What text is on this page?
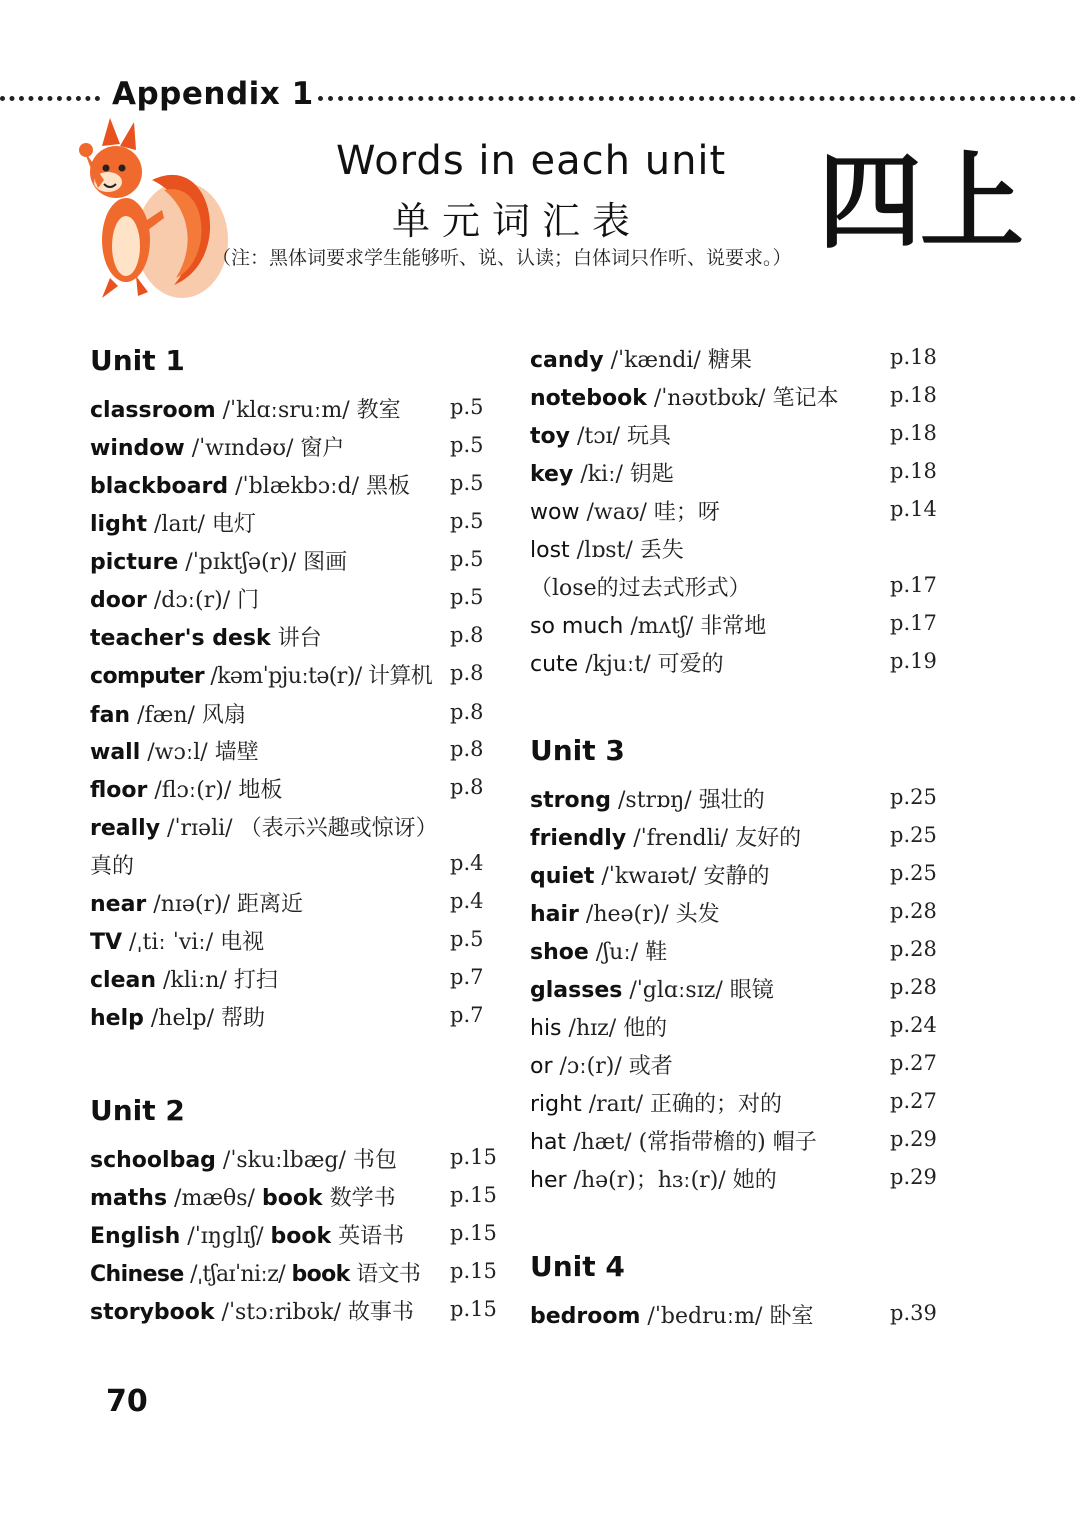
Appendix 1
Words in each unit
单元词汇表 四上
（注：黑体词要求学生能够听、说、认读；白体词只作听、说要求。）
Unit 1
classroom /ˈklɑːsruːm/ 教室 p.5
window /ˈwɪndəʊ/ 窗户	p.5
blackboard /ˈblækbɔːd/ 黑板 p.5
light /laɪt/ 电灯	p.5
picture /ˈpɪktʃə(r)/ 图画	p.5
door /dɔː(r)/ 门	p.5
teacher's desk 讲台	p.8
computer /kəmˈpjuːtə(r)/ 计算机 p.8
fan /fæn/ 风扇	p.8
wall /wɔːl/ 墙壁	p.8
floor /flɔː(r)/ 地板	p.8
really /ˈrɪəli/ （表示兴趣或惊讶）
真的	p.4
near /nɪə(r)/ 距离近	p.4
TV /ˌtiː ˈviː/ 电视	p.5
clean /kliːn/ 打扫	p.7
help /help/ 帮助	p.7
Unit 2
schoolbag /ˈskuːlbæg/ 书包	p.15
maths /mæθs/ book 数学书	p.15
English /ˈɪŋglɪʃ/ book 英语书 p.15
Chinese /ˌtʃaɪˈniːz/ book 语文书 p.15
storybook /ˈstɔːribʊk/ 故事书 p.15
candy /ˈkændi/ 糖果	p.18
notebook /ˈnəʊtbʊk/ 笔记本 p.18
toy /tɔɪ/ 玩具	p.18
key /kiː/ 钥匙	p.18
wow /waʊ/ 哇；呀	p.14
lost /lɒst/ 丢失
（lose的过去式形式）	p.17
so much /mʌtʃ/ 非常地	p.17
cute /kjuːt/ 可爱的	p.19
Unit 3
strong /strɒŋ/ 强壮的	p.25
friendly /ˈfrendli/ 友好的	p.25
quiet /ˈkwaɪət/ 安静的	p.25
hair /heə(r)/ 头发	p.28
shoe /ʃuː/ 鞋	p.28
glasses /ˈglɑːsɪz/ 眼镜	p.28
his /hɪz/ 他的	p.24
or /ɔː(r)/ 或者	p.27
right /raɪt/ 正确的；对的	p.27
hat /hæt/ (常指带檐的) 帽子	p.29
her /hə(r)；hɜː(r)/ 她的	p.29
Unit 4
bedroom /ˈbedruːm/ 卧室	p.39
70
